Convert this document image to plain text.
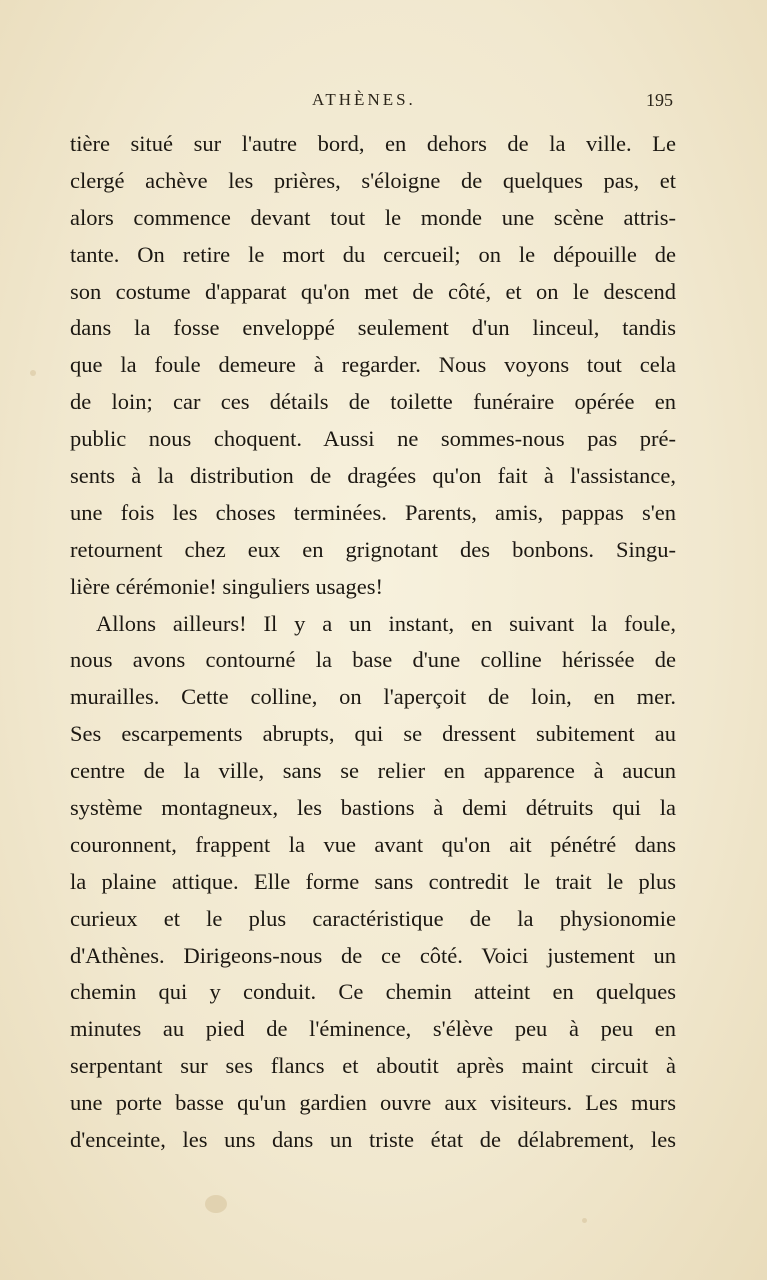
ATHÈNES.	195
tière situé sur l'autre bord, en dehors de la ville. Le
clergé achève les prières, s'éloigne de quelques pas, et
alors commence devant tout le monde une scène attris-
tante. On retire le mort du cercueil; on le dépouille de
son costume d'apparat qu'on met de côté, et on le descend
dans la fosse enveloppé seulement d'un linceul, tandis
que la foule demeure à regarder. Nous voyons tout cela
de loin; car ces détails de toilette funéraire opérée en
public nous choquent. Aussi ne sommes-nous pas pré-
sents à la distribution de dragées qu'on fait à l'assistance,
une fois les choses terminées. Parents, amis, pappas s'en
retournent chez eux en grignotant des bonbons. Singu-
lière cérémonie! singuliers usages!
Allons ailleurs! Il y a un instant, en suivant la foule,
nous avons contourné la base d'une colline hérissée de
murailles. Cette colline, on l'aperçoit de loin, en mer.
Ses escarpements abrupts, qui se dressent subitement au
centre de la ville, sans se relier en apparence à aucun
système montagneux, les bastions à demi détruits qui la
couronnent, frappent la vue avant qu'on ait pénétré dans
la plaine attique. Elle forme sans contredit le trait le plus
curieux et le plus caractéristique de la physionomie
d'Athènes. Dirigeons-nous de ce côté. Voici justement un
chemin qui y conduit. Ce chemin atteint en quelques
minutes au pied de l'éminence, s'élève peu à peu en
serpentant sur ses flancs et aboutit après maint circuit à
une porte basse qu'un gardien ouvre aux visiteurs. Les murs
d'enceinte, les uns dans un triste état de délabrement, les
